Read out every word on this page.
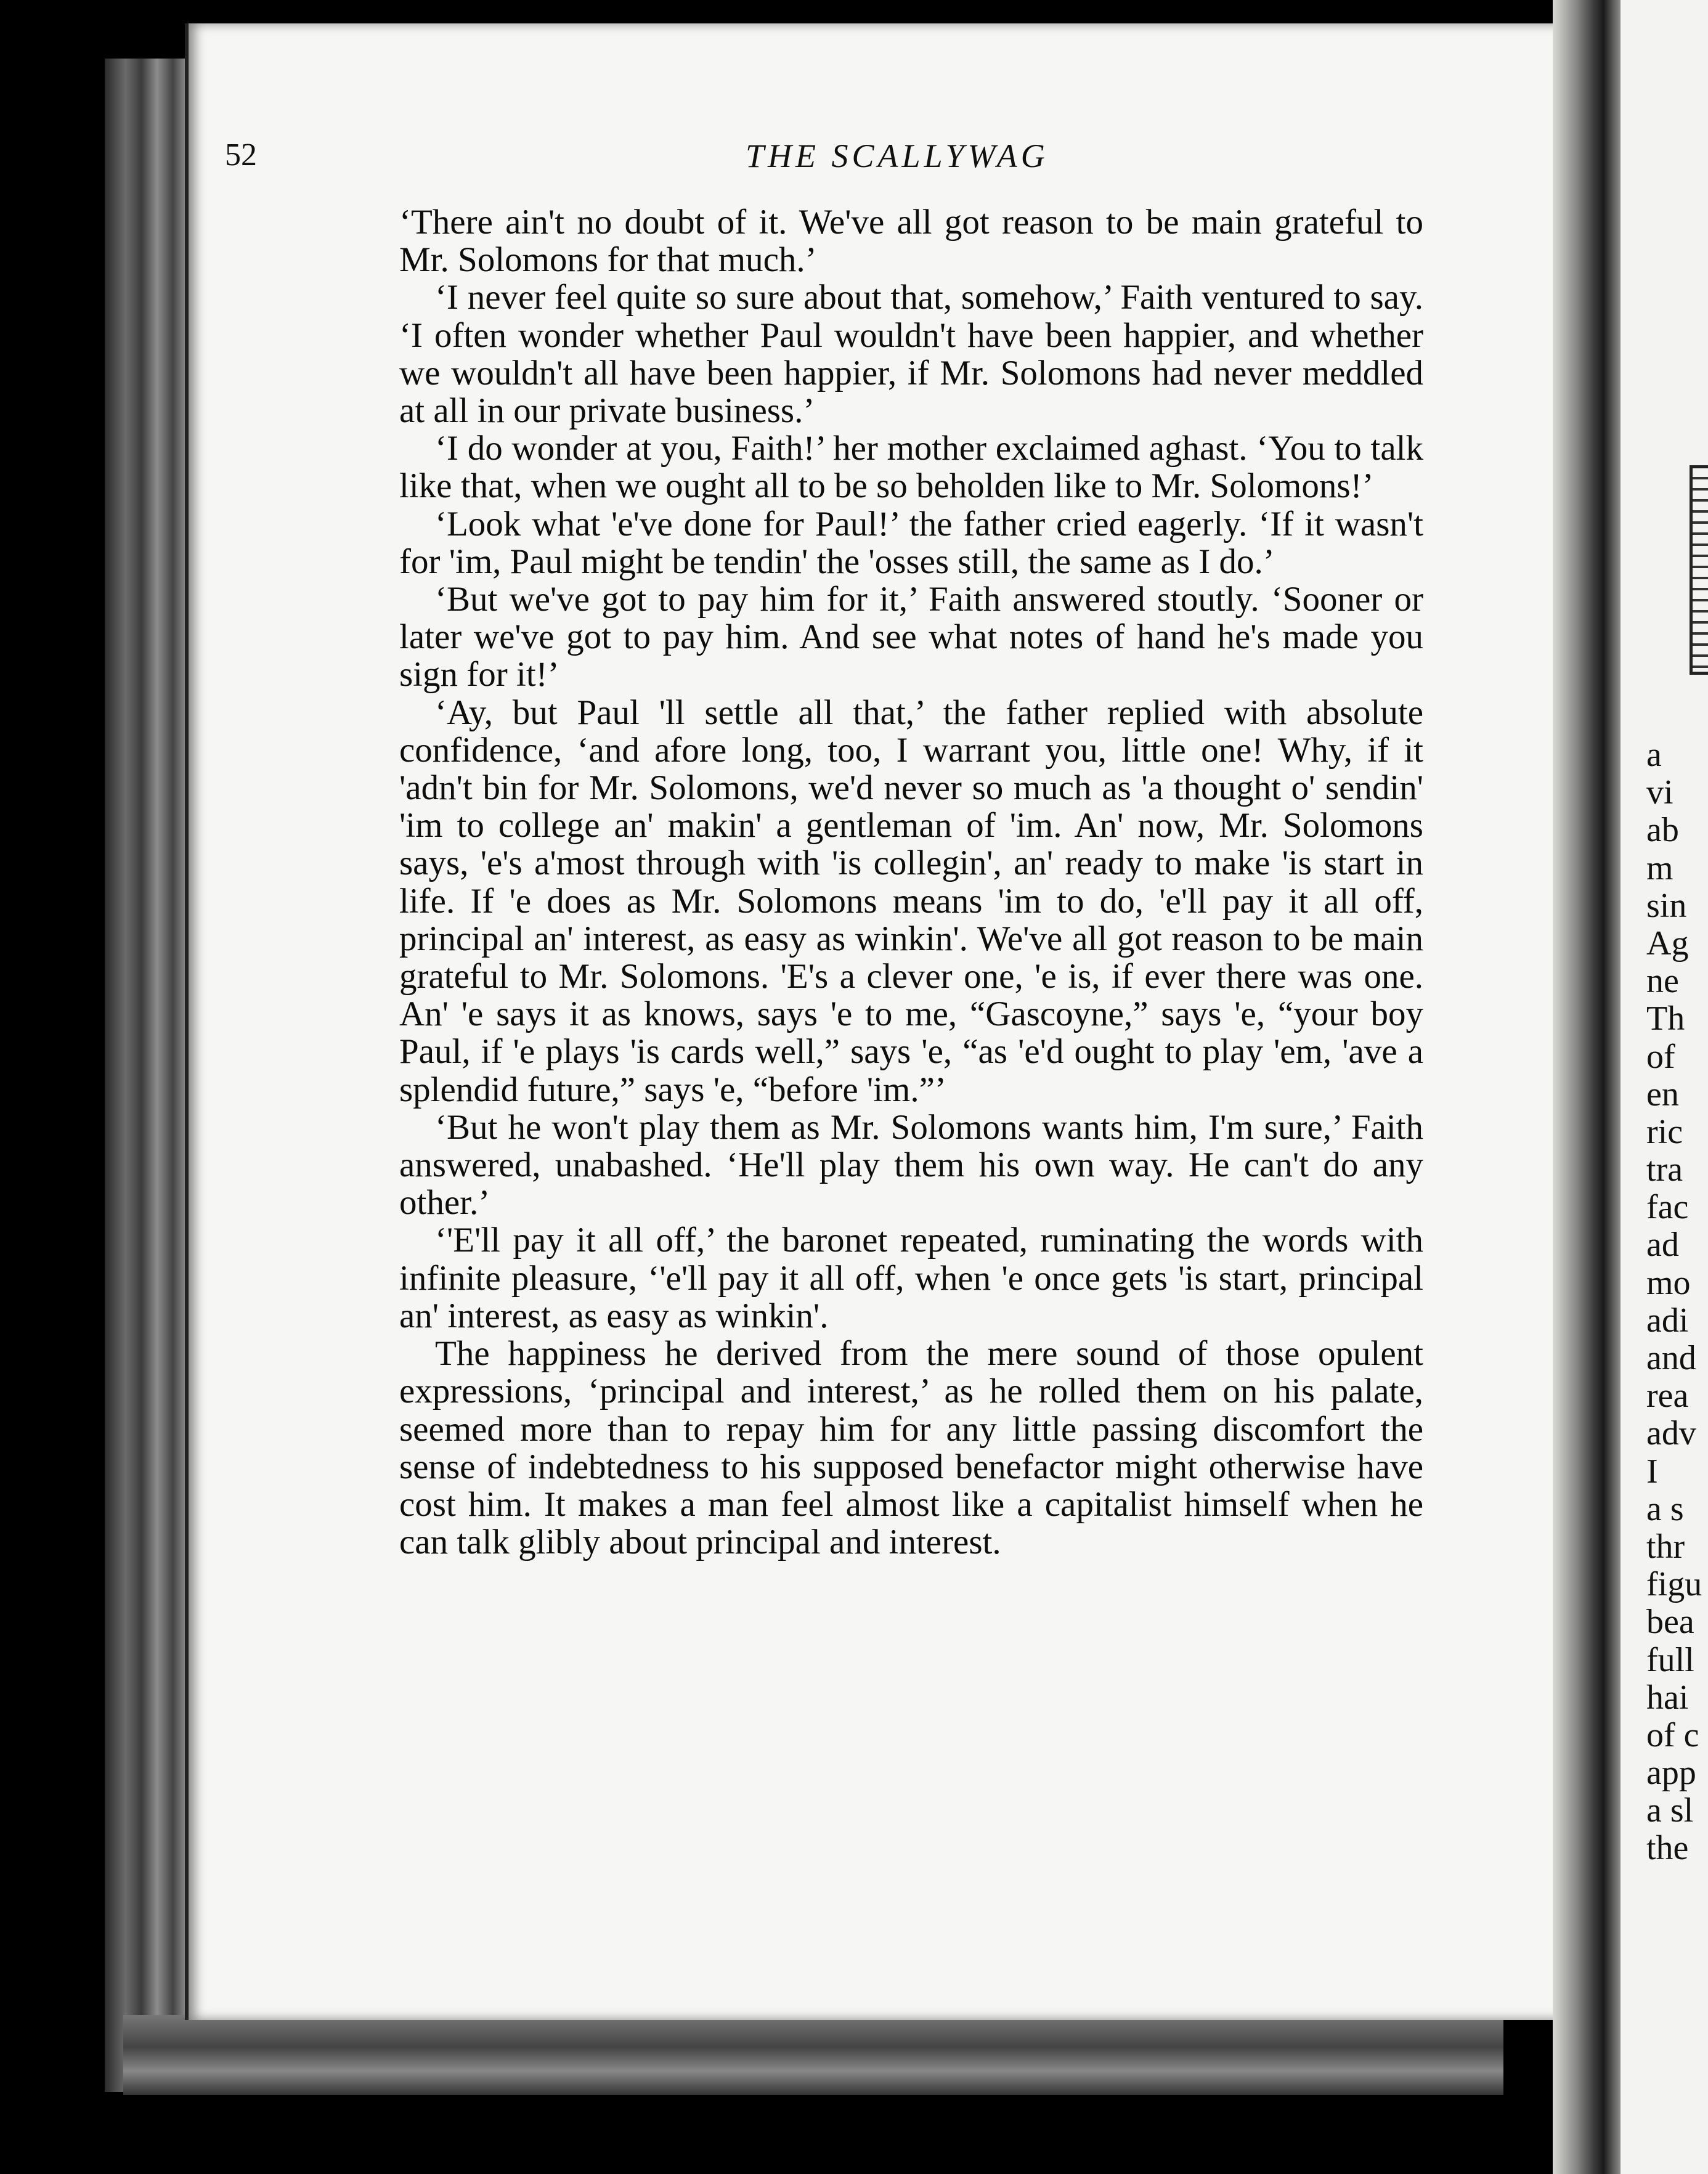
52	THE SCALLYWAG

‘There ain't no doubt of it. We've all got reason to be main grateful to Mr. Solomons for that much.’

‘I never feel quite so sure about that, somehow,’ Faith ventured to say. ‘I often wonder whether Paul wouldn't have been happier, and whether we wouldn't all have been happier, if Mr. Solomons had never meddled at all in our private business.’

‘I do wonder at you, Faith!’ her mother exclaimed aghast. ‘You to talk like that, when we ought all to be so beholden like to Mr. Solomons!’

‘Look what 'e've done for Paul!’ the father cried eagerly. ‘If it wasn't for 'im, Paul might be tendin' the 'osses still, the same as I do.’

‘But we've got to pay him for it,’ Faith answered stoutly. ‘Sooner or later we've got to pay him. And see what notes of hand he's made you sign for it!’

‘Ay, but Paul 'll settle all that,’ the father replied with absolute confidence, ‘and afore long, too, I warrant you, little one! Why, if it 'adn't bin for Mr. Solomons, we'd never so much as 'a thought o' sendin' 'im to college an' makin' a gentleman of 'im. An' now, Mr. Solomons says, 'e's a'most through with 'is collegin', an' ready to make 'is start in life. If 'e does as Mr. Solomons means 'im to do, 'e'll pay it all off, principal an' interest, as easy as winkin'. We've all got reason to be main grateful to Mr. Solomons. 'E's a clever one, 'e is, if ever there was one. An' 'e says it as knows, says 'e to me, “Gascoyne,” says 'e, “your boy Paul, if 'e plays 'is cards well,” says 'e, “as 'e'd ought to play 'em, 'ave a splendid future,” says 'e, “before 'im.”’

‘But he won't play them as Mr. Solomons wants him, I'm sure,’ Faith answered, unabashed. ‘He'll play them his own way. He can't do any other.’

‘'E'll pay it all off,’ the baronet repeated, ruminating the words with infinite pleasure, ‘'e'll pay it all off, when 'e once gets 'is start, principal an' interest, as easy as winkin'.

The happiness he derived from the mere sound of those opulent expressions, ‘principal and interest,’ as he rolled them on his palate, seemed more than to repay him for any little passing discomfort the sense of indebtedness to his supposed benefactor might otherwise have cost him. It makes a man feel almost like a capitalist himself when he can talk glibly about principal and interest.

a
vi
ab
m
sin
Ag
ne
Th
of
en
ric
tra
fac
ad
mo
adi
and
rea
adv
I
a s
thr
figu
bea
full
hai
of c
app
a sl
the
